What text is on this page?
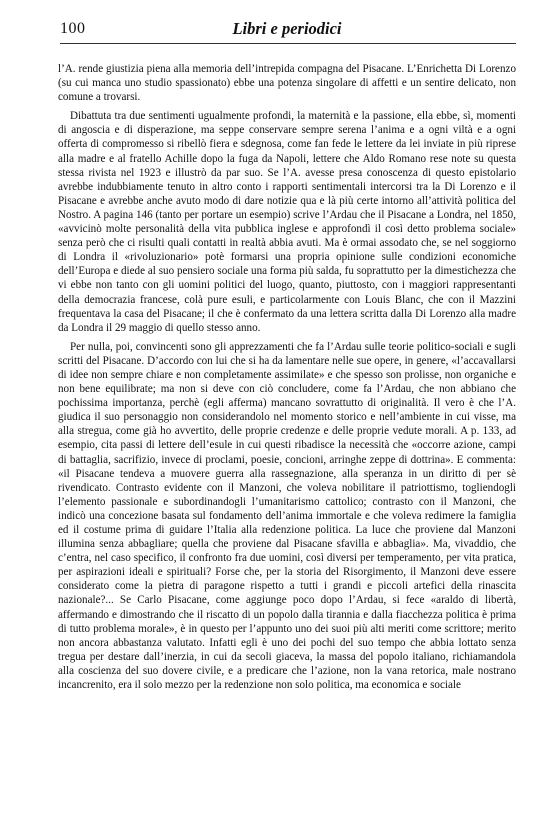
100	Libri e periodici

l’A. rende giustizia piena alla memoria dell’intrepida compagna del Pisacane. L’Enrichetta Di Lorenzo (su cui manca uno studio spassionato) ebbe una potenza singolare di affetti e un sentire delicato, non comune a trovarsi.

Dibattuta tra due sentimenti ugualmente profondi, la maternità e la passione, ella ebbe, sì, momenti di angoscia e di disperazione, ma seppe conservare sempre serena l’anima e a ogni viltà e a ogni offerta di compromesso si ribellò fiera e sdegnosa, come fan fede le lettere da lei inviate in più riprese alla madre e al fratello Achille dopo la fuga da Napoli, lettere che Aldo Romano rese note su questa stessa rivista nel 1923 e illustrò da par suo. Se l’A. avesse presa conoscenza di questo epistolario avrebbe indubbiamente tenuto in altro conto i rapporti sentimentali intercorsi tra la Di Lorenzo e il Pisacane e avrebbe anche avuto modo di dare notizie qua e là più certe intorno all’attività politica del Nostro. A pagina 146 (tanto per portare un esempio) scrive l’Ardau che il Pisacane a Londra, nel 1850, «avvicinò molte personalità della vita pubblica inglese e approfondì il così detto problema sociale» senza però che ci risulti quali contatti in realtà abbia avuti. Ma è ormai assodato che, se nel soggiorno di Londra il «rivoluzionario» potè formarsi una propria opinione sulle condizioni economiche dell’Europa e diede al suo pensiero sociale una forma più salda, fu soprattutto per la dimestichezza che vi ebbe non tanto con gli uomini politici del luogo, quanto, piuttosto, con i maggiori rappresentanti della democrazia francese, colà pure esuli, e particolarmente con Louis Blanc, che con il Mazzini frequentava la casa del Pisacane; il che è confermato da una lettera scritta dalla Di Lorenzo alla madre da Londra il 29 maggio di quello stesso anno.

Per nulla, poi, convincenti sono gli apprezzamenti che fa l’Ardau sulle teorie politico-sociali e sugli scritti del Pisacane. D’accordo con lui che si ha da lamentare nelle sue opere, in genere, «l’accavallarsi di idee non sempre chiare e non completamente assimilate» e che spesso son prolisse, non organiche e non bene equilibrate; ma non si deve con ciò concludere, come fa l’Ardau, che non abbiano che pochissima importanza, perchè (egli afferma) mancano sovrattutto di originalità. Il vero è che l’A. giudica il suo personaggio non considerandolo nel momento storico e nell’ambiente in cui visse, ma alla stregua, come già ho avvertito, delle proprie credenze e delle proprie vedute morali. A p. 133, ad esempio, cita passi di lettere dell’esule in cui questi ribadisce la necessità che «occorre azione, campi di battaglia, sacrifizio, invece di proclami, poesie, concioni, arringhe zeppe di dottrina». E commenta: «il Pisacane tendeva a muovere guerra alla rassegnazione, alla speranza in un diritto di per sè rivendicato. Contrasto evidente con il Manzoni, che voleva nobilitare il patriottismo, togliendogli l’elemento passionale e subordinandogli l’umanitarismo cattolico; contrasto con il Manzoni, che indicò una concezione basata sul fondamento dell’anima immortale e che voleva redimere la famiglia ed il costume prima di guidare l’Italia alla redenzione politica. La luce che proviene dal Manzoni illumina senza abbagliare; quella che proviene dal Pisacane sfavilla e abbaglia». Ma, vivaddio, che c’entra, nel caso specifico, il confronto fra due uomini, così diversi per temperamento, per vita pratica, per aspirazioni ideali e spirituali? Forse che, per la storia del Risorgimento, il Manzoni deve essere considerato come la pietra di paragone rispetto a tutti i grandi e piccoli artefici della rinascita nazionale?... Se Carlo Pisacane, come aggiunge poco dopo l’Ardau, si fece «araldo di libertà, affermando e dimostrando che il riscatto di un popolo dalla tirannia e dalla fiacchezza politica è prima di tutto problema morale», è in questo per l’appunto uno dei suoi più alti meriti come scrittore; merito non ancora abbastanza valutato. Infatti egli è uno dei pochi del suo tempo che abbia lottato senza tregua per destare dall’inerzia, in cui da secoli giaceva, la massa del popolo italiano, richiamandola alla coscienza del suo dovere civile, e a predicare che l’azione, non la vana retorica, male nostrano incancrenito, era il solo mezzo per la redenzione non solo politica, ma economica e sociale
